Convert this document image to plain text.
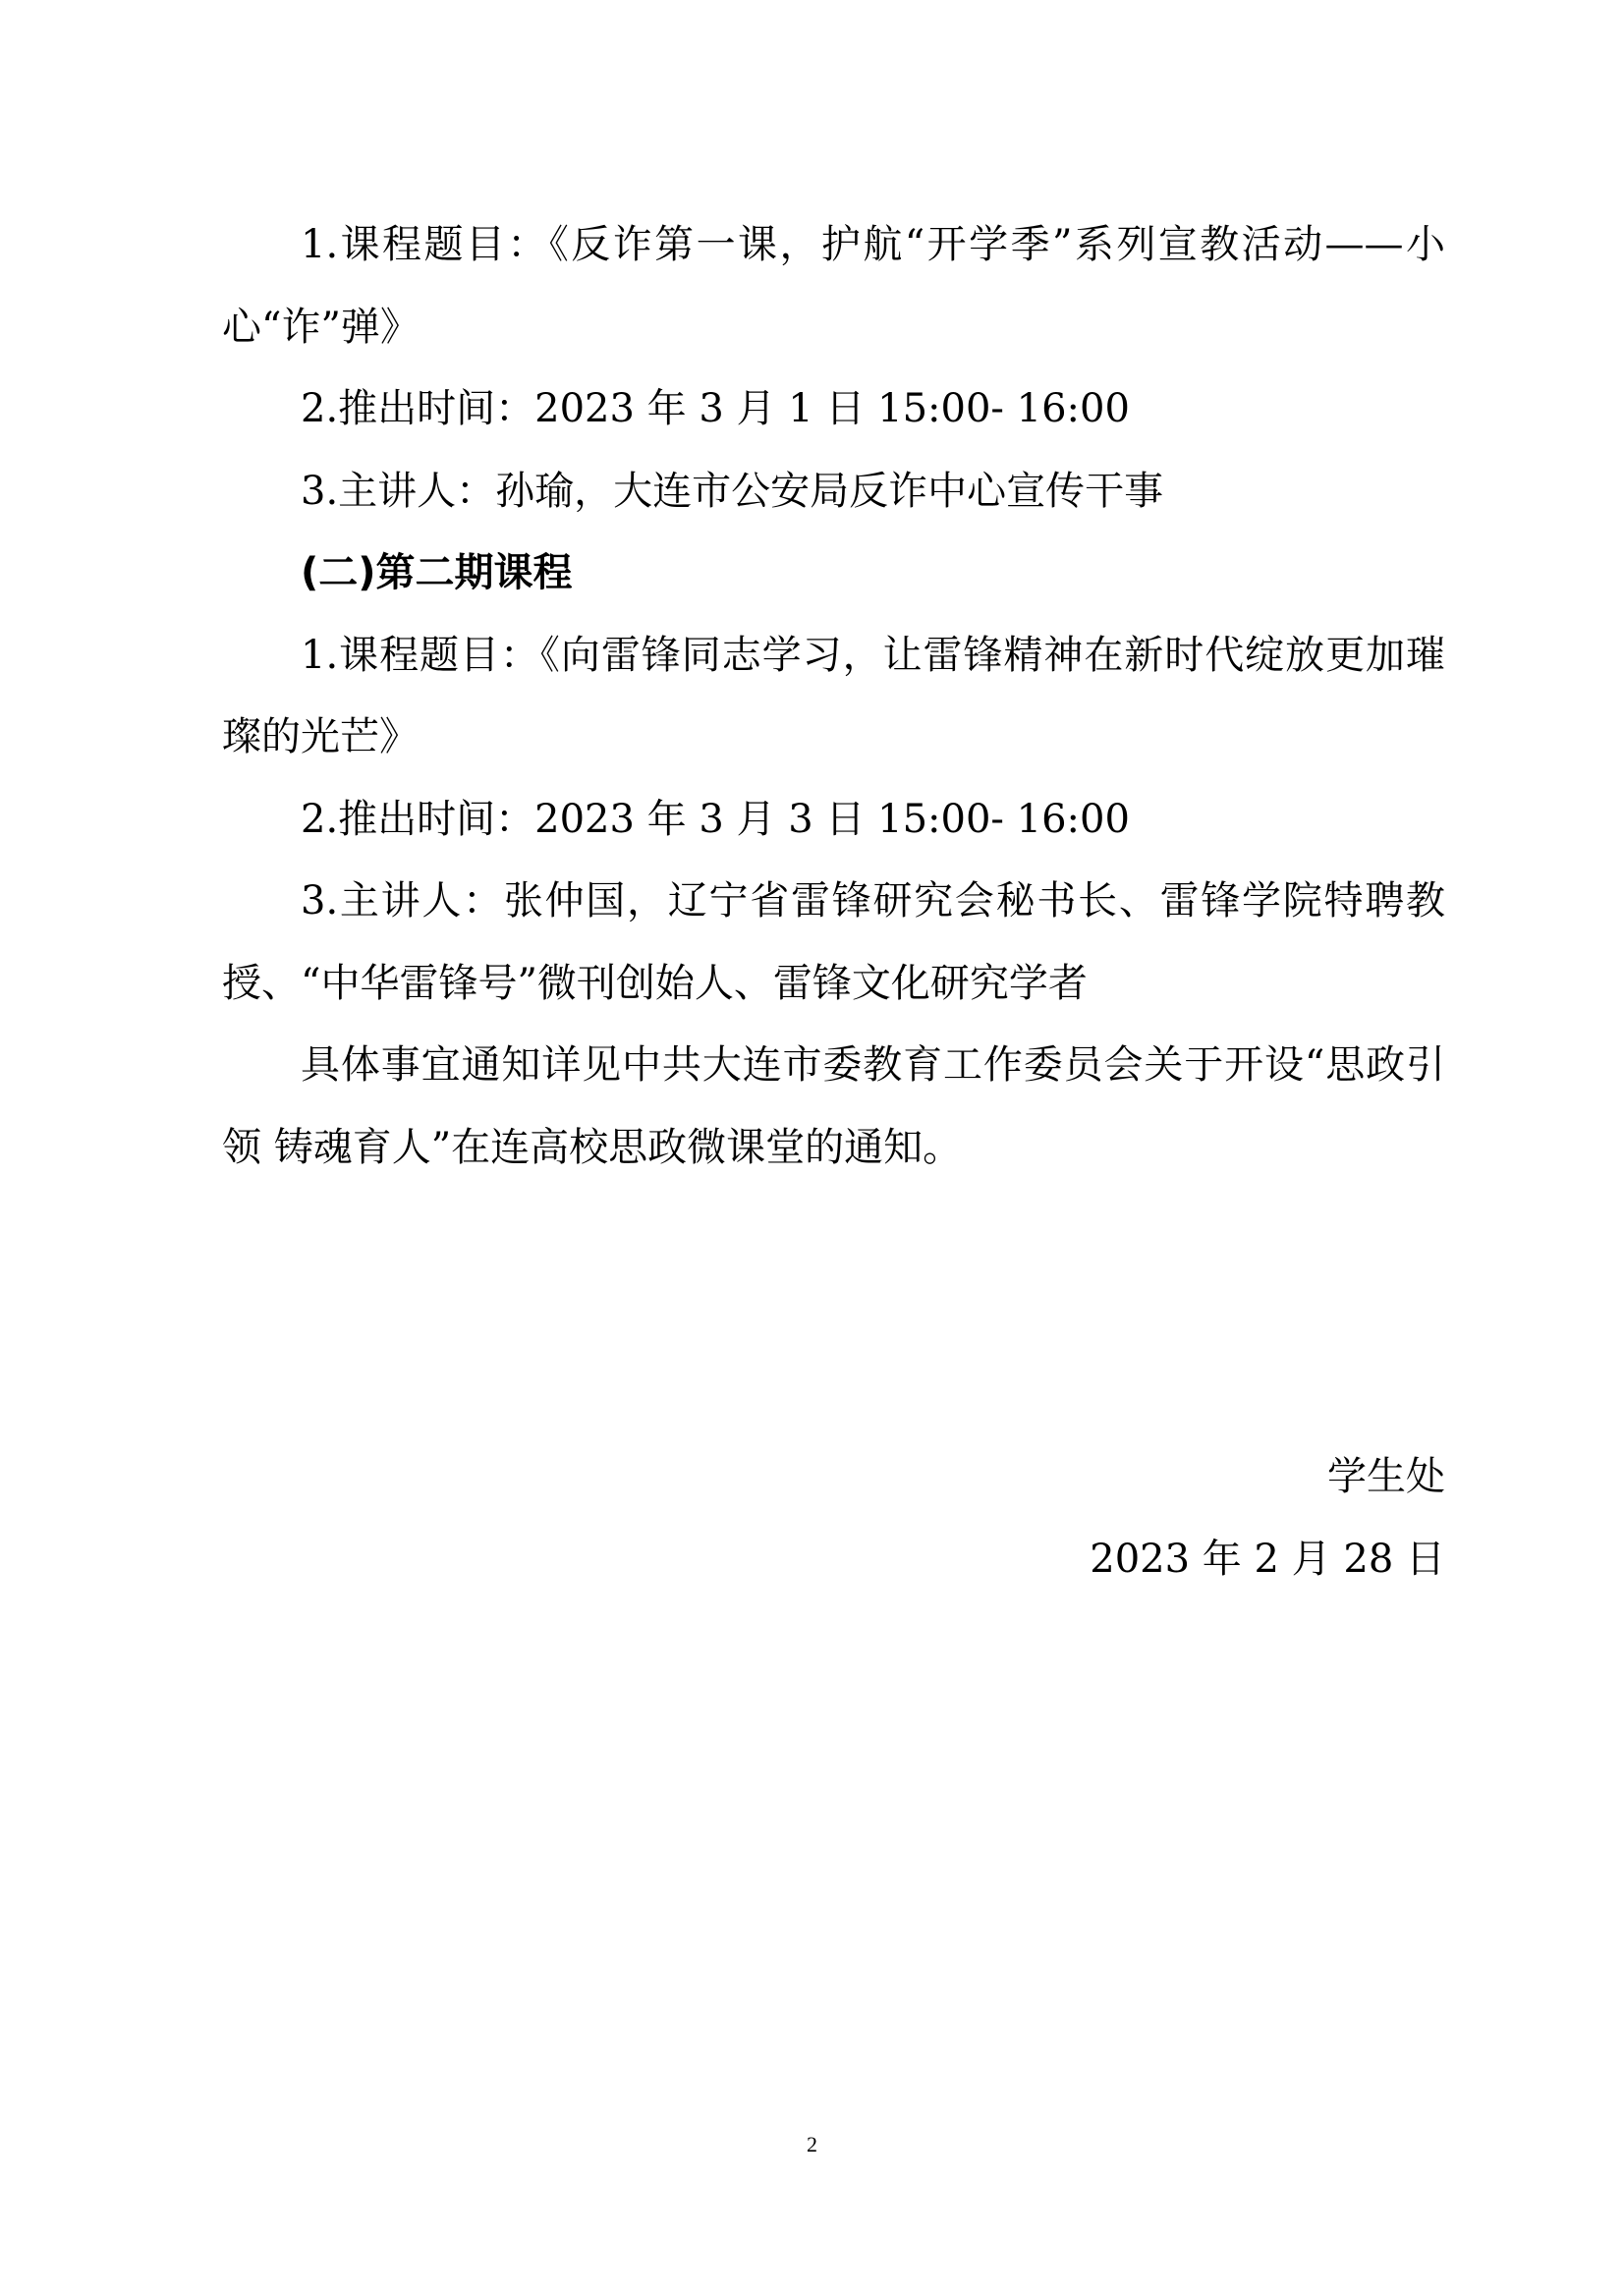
1.课程题目：《反诈第一课，护航“开学季”系列宣教活动——小心“诈”弹》

2.推出时间：2023 年 3 月 1 日 15:00- 16:00

3.主讲人：孙瑜，大连市公安局反诈中心宣传干事

(二)第二期课程

1.课程题目：《向雷锋同志学习，让雷锋精神在新时代绽放更加璀璨的光芒》

2.推出时间：2023 年 3 月 3 日 15:00- 16:00

3.主讲人：张仲国，辽宁省雷锋研究会秘书长、雷锋学院特聘教授、“中华雷锋号”微刊创始人、雷锋文化研究学者

具体事宜通知详见中共大连市委教育工作委员会关于开设“思政引领 铸魂育人”在连高校思政微课堂的通知。

学生处
2023 年 2 月 28 日
2
